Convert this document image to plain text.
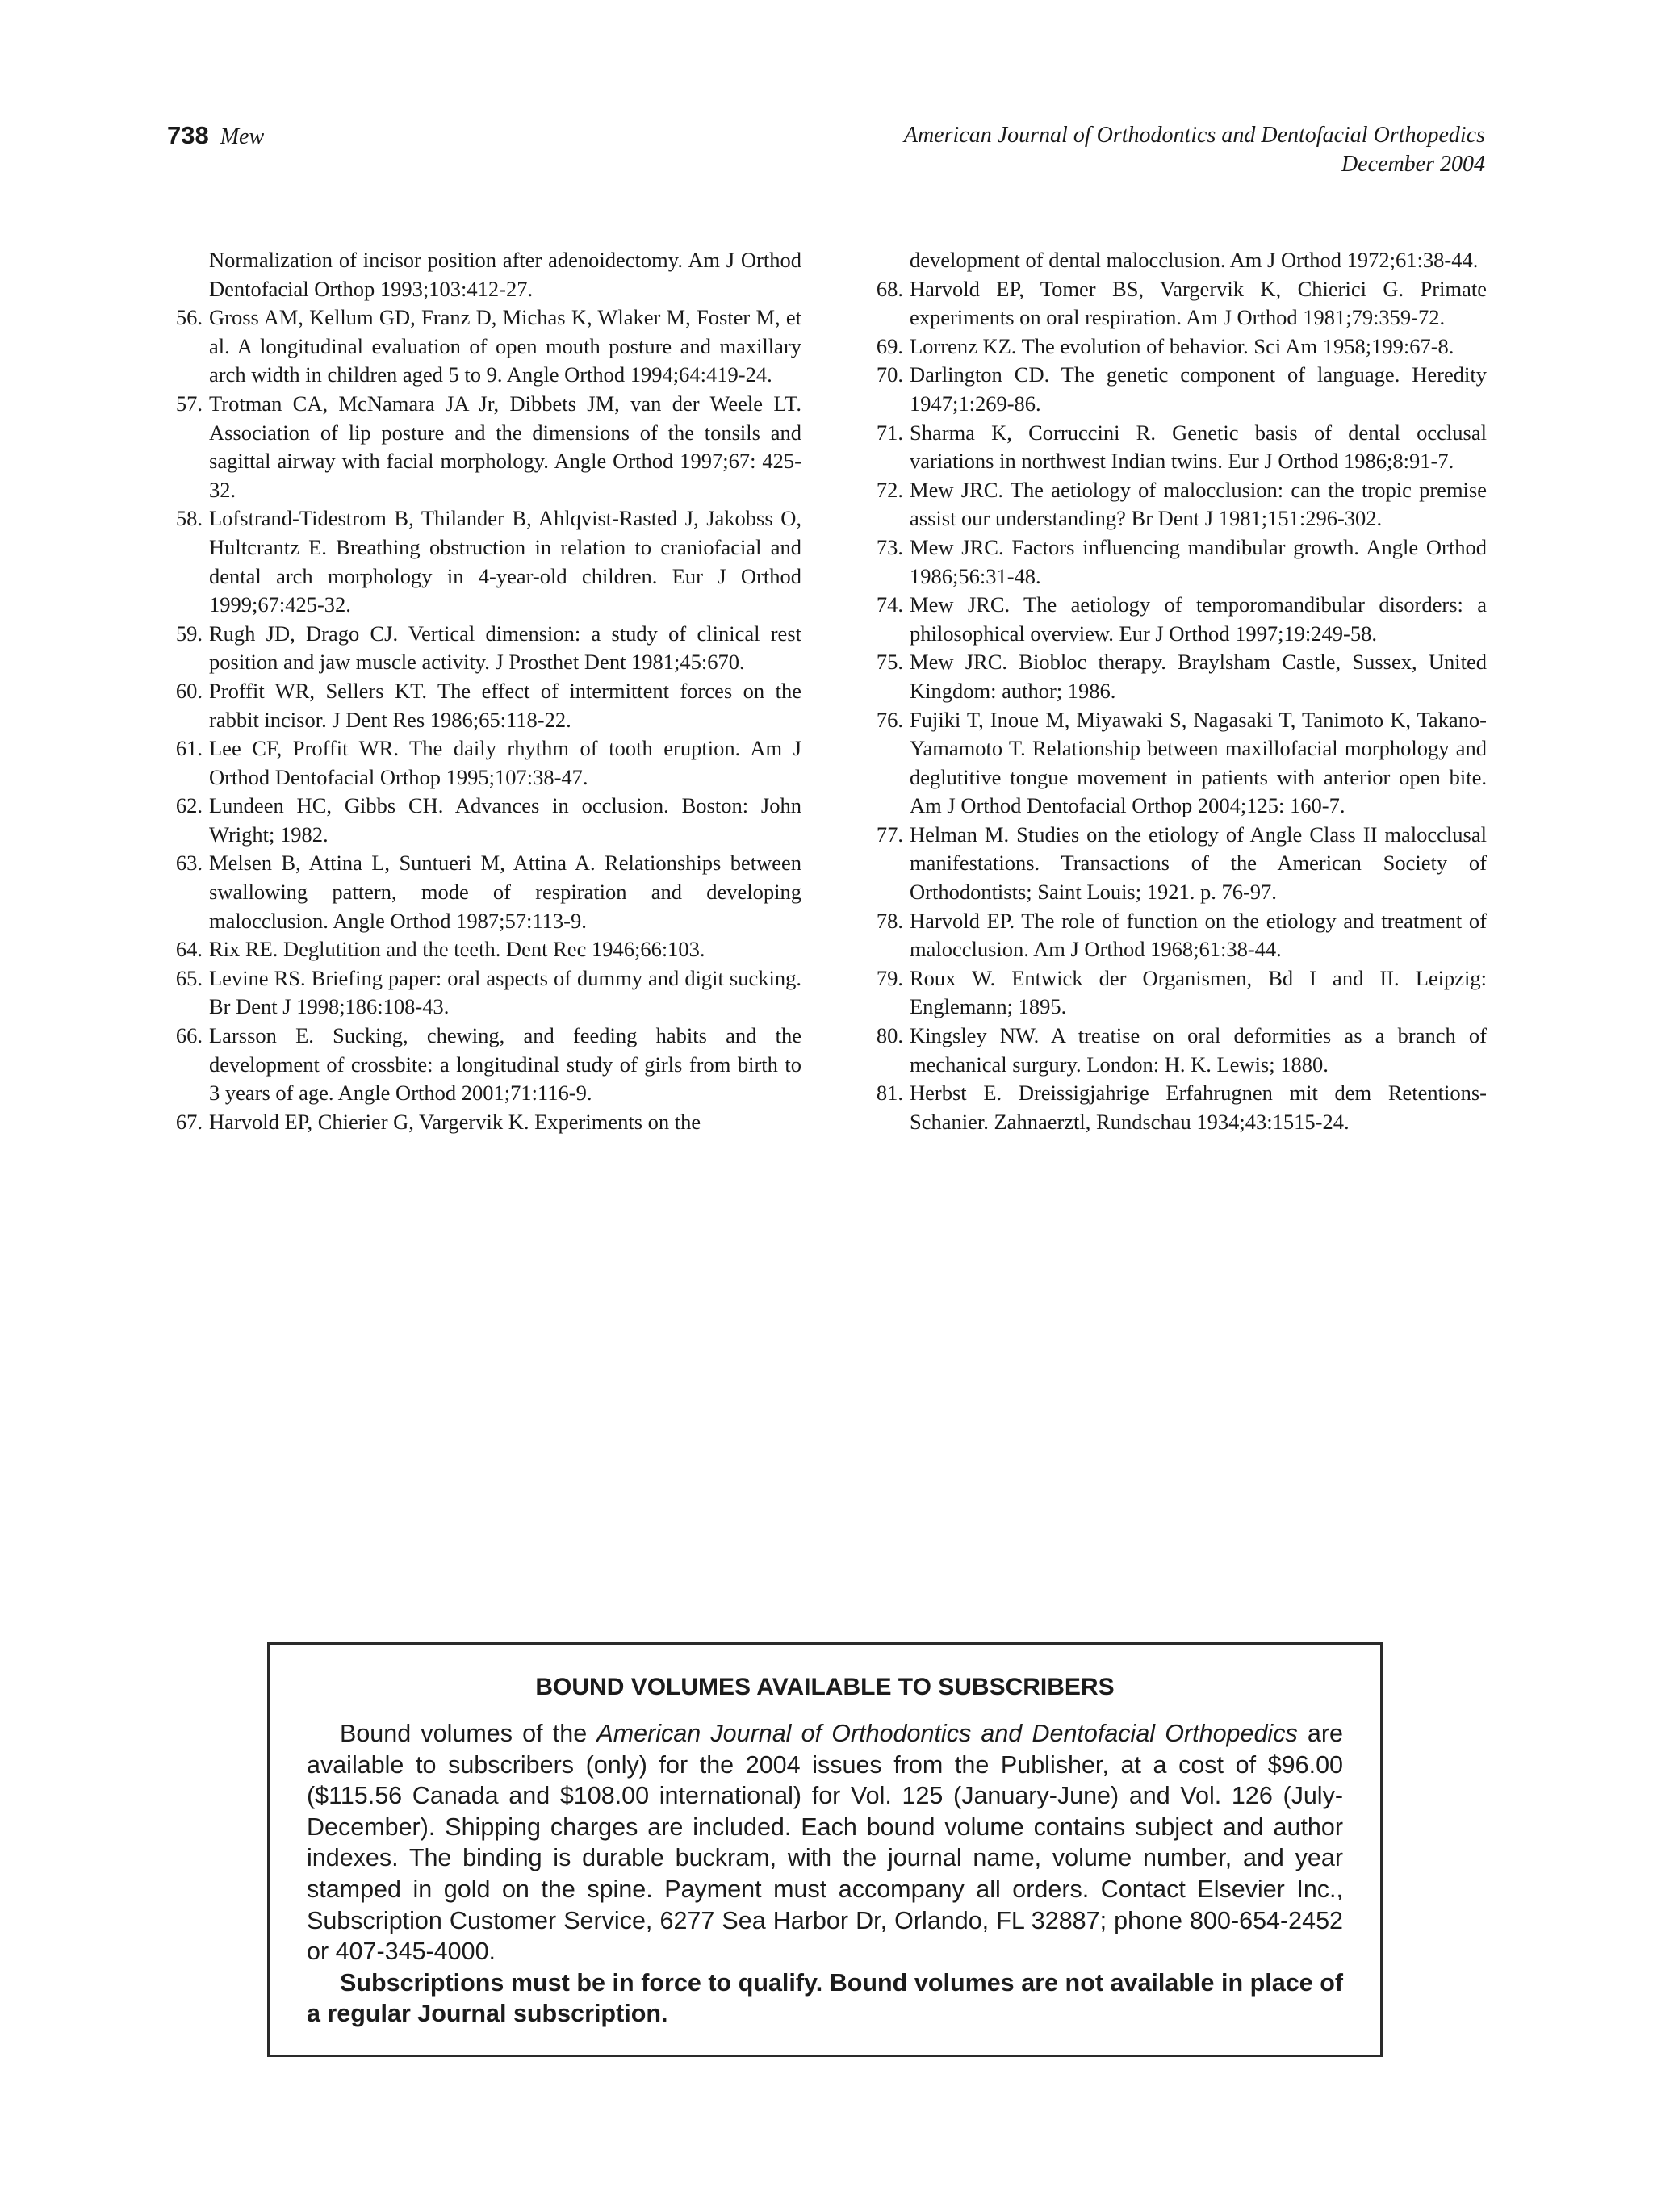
738 Mew	American Journal of Orthodontics and Dentofacial Orthopedics
December 2004
Normalization of incisor position after adenoidectomy. Am J Orthod Dentofacial Orthop 1993;103:412-27.
56. Gross AM, Kellum GD, Franz D, Michas K, Wlaker M, Foster M, et al. A longitudinal evaluation of open mouth posture and maxillary arch width in children aged 5 to 9. Angle Orthod 1994;64:419-24.
57. Trotman CA, McNamara JA Jr, Dibbets JM, van der Weele LT. Association of lip posture and the dimensions of the tonsils and sagittal airway with facial morphology. Angle Orthod 1997;67: 425-32.
58. Lofstrand-Tidestrom B, Thilander B, Ahlqvist-Rasted J, Jakobss O, Hultcrantz E. Breathing obstruction in relation to craniofacial and dental arch morphology in 4-year-old children. Eur J Orthod 1999;67:425-32.
59. Rugh JD, Drago CJ. Vertical dimension: a study of clinical rest position and jaw muscle activity. J Prosthet Dent 1981;45:670.
60. Proffit WR, Sellers KT. The effect of intermittent forces on the rabbit incisor. J Dent Res 1986;65:118-22.
61. Lee CF, Proffit WR. The daily rhythm of tooth eruption. Am J Orthod Dentofacial Orthop 1995;107:38-47.
62. Lundeen HC, Gibbs CH. Advances in occlusion. Boston: John Wright; 1982.
63. Melsen B, Attina L, Suntueri M, Attina A. Relationships between swallowing pattern, mode of respiration and developing malocclusion. Angle Orthod 1987;57:113-9.
64. Rix RE. Deglutition and the teeth. Dent Rec 1946;66:103.
65. Levine RS. Briefing paper: oral aspects of dummy and digit sucking. Br Dent J 1998;186:108-43.
66. Larsson E. Sucking, chewing, and feeding habits and the development of crossbite: a longitudinal study of girls from birth to 3 years of age. Angle Orthod 2001;71:116-9.
67. Harvold EP, Chierier G, Vargervik K. Experiments on the
development of dental malocclusion. Am J Orthod 1972;61:38-44.
68. Harvold EP, Tomer BS, Vargervik K, Chierici G. Primate experiments on oral respiration. Am J Orthod 1981;79:359-72.
69. Lorrenz KZ. The evolution of behavior. Sci Am 1958;199:67-8.
70. Darlington CD. The genetic component of language. Heredity 1947;1:269-86.
71. Sharma K, Corruccini R. Genetic basis of dental occlusal variations in northwest Indian twins. Eur J Orthod 1986;8:91-7.
72. Mew JRC. The aetiology of malocclusion: can the tropic premise assist our understanding? Br Dent J 1981;151:296-302.
73. Mew JRC. Factors influencing mandibular growth. Angle Orthod 1986;56:31-48.
74. Mew JRC. The aetiology of temporomandibular disorders: a philosophical overview. Eur J Orthod 1997;19:249-58.
75. Mew JRC. Biobloc therapy. Braylsham Castle, Sussex, United Kingdom: author; 1986.
76. Fujiki T, Inoue M, Miyawaki S, Nagasaki T, Tanimoto K, Takano-Yamamoto T. Relationship between maxillofacial morphology and deglutitive tongue movement in patients with anterior open bite. Am J Orthod Dentofacial Orthop 2004;125: 160-7.
77. Helman M. Studies on the etiology of Angle Class II malocclusal manifestations. Transactions of the American Society of Orthodontists; Saint Louis; 1921. p. 76-97.
78. Harvold EP. The role of function on the etiology and treatment of malocclusion. Am J Orthod 1968;61:38-44.
79. Roux W. Entwick der Organismen, Bd I and II. Leipzig: Englemann; 1895.
80. Kingsley NW. A treatise on oral deformities as a branch of mechanical surgury. London: H. K. Lewis; 1880.
81. Herbst E. Dreissigjahrige Erfahrugnen mit dem Retentions-Schanier. Zahnaerztl, Rundschau 1934;43:1515-24.
BOUND VOLUMES AVAILABLE TO SUBSCRIBERS

Bound volumes of the American Journal of Orthodontics and Dentofacial Orthopedics are available to subscribers (only) for the 2004 issues from the Publisher, at a cost of $96.00 ($115.56 Canada and $108.00 international) for Vol. 125 (January-June) and Vol. 126 (July-December). Shipping charges are included. Each bound volume contains subject and author indexes. The binding is durable buckram, with the journal name, volume number, and year stamped in gold on the spine. Payment must accompany all orders. Contact Elsevier Inc., Subscription Customer Service, 6277 Sea Harbor Dr, Orlando, FL 32887; phone 800-654-2452 or 407-345-4000.

Subscriptions must be in force to qualify. Bound volumes are not available in place of a regular Journal subscription.
